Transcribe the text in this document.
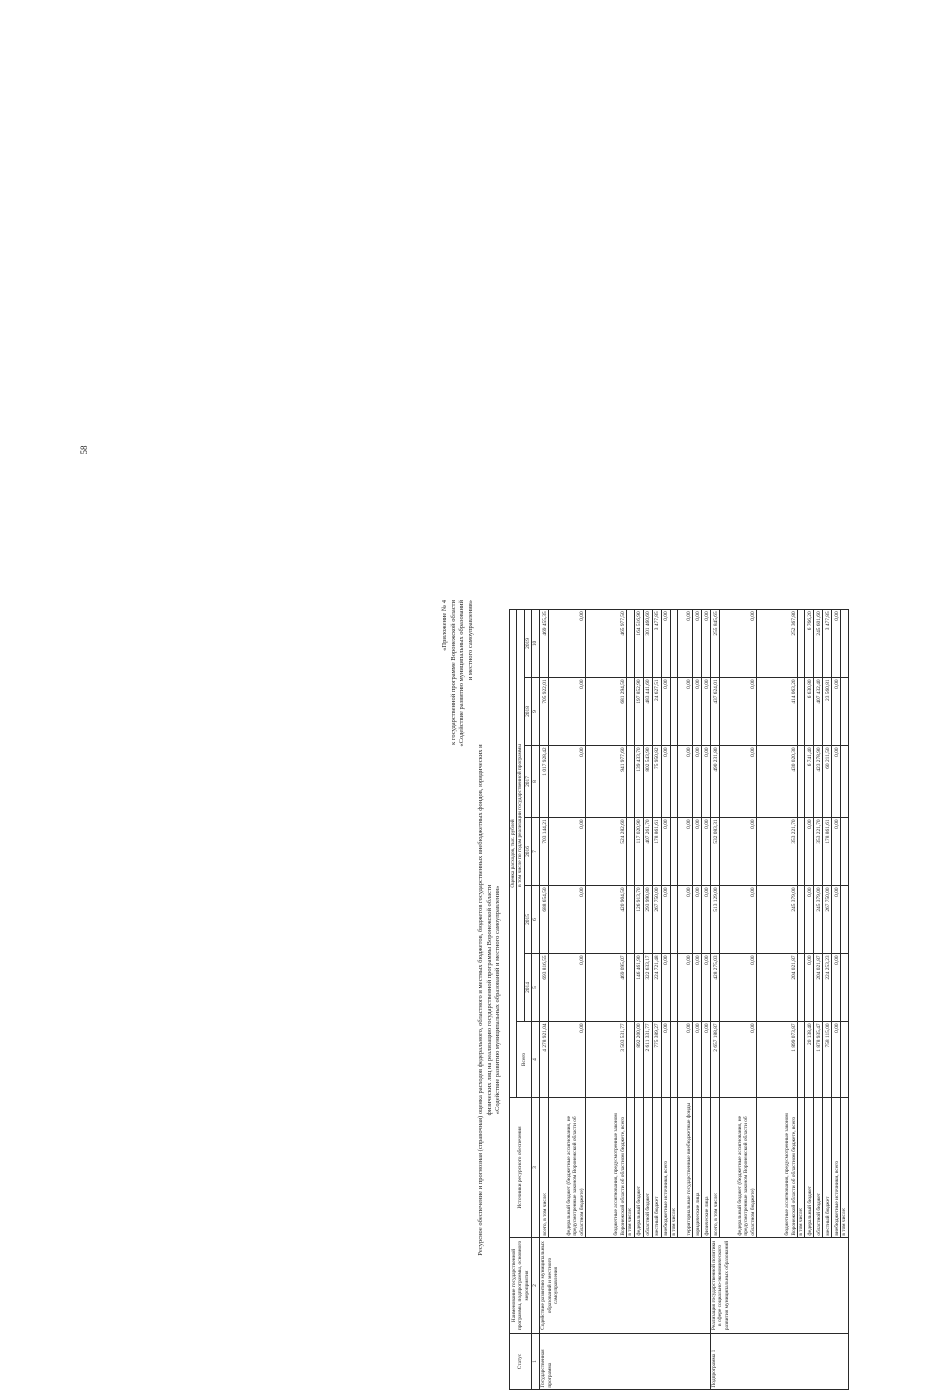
58
«Приложение № 4 к государственной программе Воронежской области «Содействие развитию муниципальных образований и местного самоуправления»
Ресурсное обеспечение и прогнозная (справочная) оценка расходов федерального, областного и местных бюджетов, бюджетов государственных внебюджетных фондов, юридических и физических лиц на реализацию государственной программы Воронежской области «Содействие развитию муниципальных образований и местного самоуправления»
Статус	Наименование государственной программы, подпрограммы, основного мероприятия	Источники ресурсного обеспечения	Оценка расходов, тыс. рублей						
			Всего	в том числе по годам реализации государственной программы					
				2014	2015	2016	2017	2018	2019
1	2	3	4	5	6	7	8	9	10
Государственная программа	Содействие развитию муниципальных образований и местного самоуправления	всего, в том числе:	4 278 921,04	693 816,55	688 654,50	703 144,21	1 017 928,42	705 922,01	469 455,35
		федеральный бюджет (бюджетные ассигнования, не предусмотренные законом Воронежской области об областном бюджете)	0,00	0,00	0,00	0,00	0,00	0,00	0,00
		бюджетные ассигнования, предусмотренные законом Воронежской области об областном бюджете, всего	3 503 531,77	469 095,07	420 904,50	524 282,60	941 977,60	681 294,50	465 977,50
		в том числе:							
		федеральный бюджет	892 200,00	146 461,90	126 913,70	117 020,90	139 433,70	197 852,90	164 516,90
		областной бюджет	2 611 331,77	322 633,17	293 990,80	407 261,70	802 543,90	483 441,60	301 460,60
		местный бюджет	775 389,27	224 721,48	267 750,00	178 861,61	75 950,82	24 627,51	3 477,85
		внебюджетные источники, всего	0,00	0,00	0,00	0,00	0,00	0,00	0,00
		в том числе:							
		территориальные государственные внебюджетные фонды	0,00	0,00	0,00	0,00	0,00	0,00	0,00
		юридические лица	0,00	0,00	0,00	0,00	0,00	0,00	0,00
		физические лица	0,00	0,00	0,00	0,00	0,00	0,00	0,00
Подпрограмма 1	Реализация государственной политики в сфере социально-экономического развития муниципальных образований	всего, в том числе:	2 657 188,87	428 275,03	513 129,00	532 083,31	490 231,80	437 624,01	255 845,65
		федеральный бюджет (бюджетные ассигнования, не предусмотренные законом Воронежской области об областном бюджете)	0,00	0,00	0,00	0,00	0,00	0,00	0,00
		бюджетные ассигнования, предусмотренные законом Воронежской области об областном бюджете, всего	1 899 073,87	204 021,87	245 379,00	353 221,70	430 020,30	414 063,20	252 367,80
		в том числе:							
		федеральный бюджет	20 138,40	0,00	0,00	0,00	6 741,40	6 630,80	6 766,20
		областной бюджет	1 878 935,47	204 021,87	245 379,00	353 221,70	423 278,90	407 432,40	245 601,60
		местный бюджет	758 115,00	224 253,23	267 750,00	178 861,61	60 211,50	23 560,81	3 477,85
		внебюджетные источники, всего	0,00	0,00	0,00	0,00	0,00	0,00	0,00
		в том числе:							
